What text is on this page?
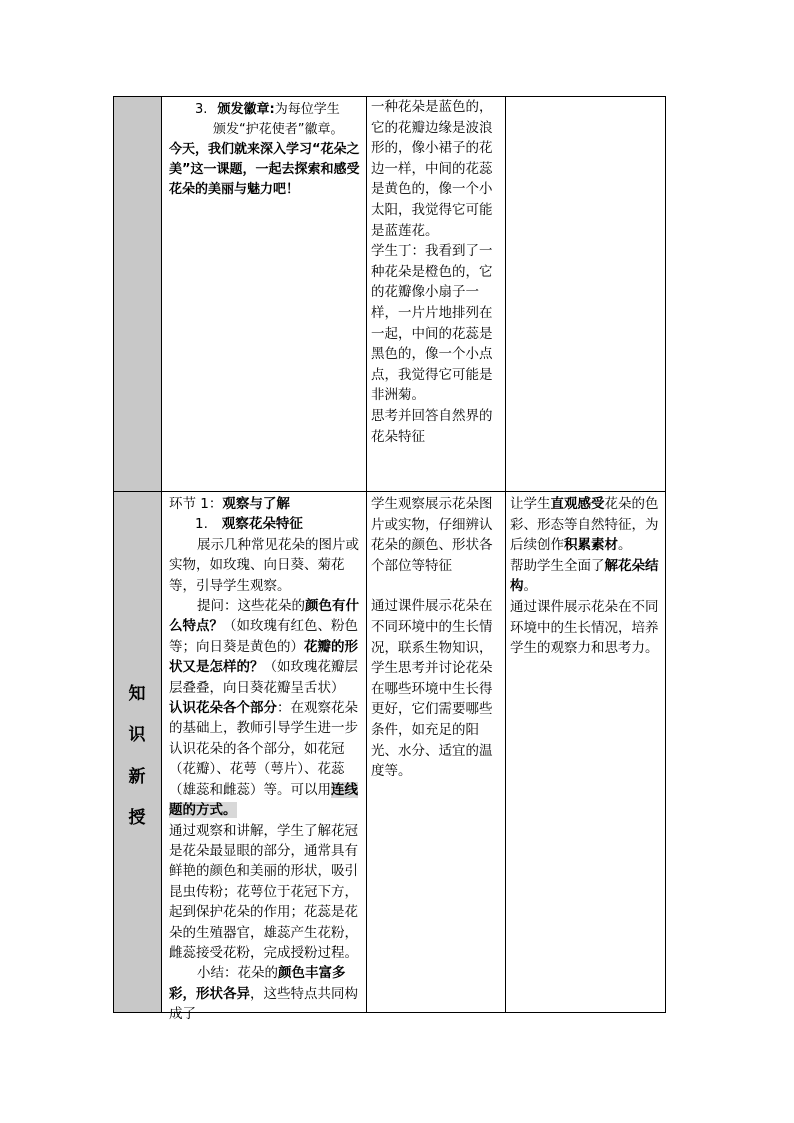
3. 颁发徽章:为每位学生

颁发“护花使者”徽章。

今天，我们就来深入学习“花朵之美”这一课题，一起去探索和感受花朵的美丽与魅力吧！

一种花朵是蓝色的，它的花瓣边缘是波浪形的，像小裙子的花边一样，中间的花蕊是黄色的，像一个小太阳，我觉得它可能是蓝莲花。

学生丁：我看到了一种花朵是橙色的，它的花瓣像小扇子一样，一片片地排列在一起，中间的花蕊是黑色的，像一个小点点，我觉得它可能是非洲菊。

思考并回答自然界的花朵特征

知
识
新
授

环节 1：观察与了解

1. 观察花朵特征

展示几种常见花朵的图片或实物，如玫瑰、向日葵、菊花等，引导学生观察。

提问：这些花朵的颜色有什么特点？（如玫瑰有红色、粉色等；向日葵是黄色的）花瓣的形状又是怎样的？（如玫瑰花瓣层层叠叠，向日葵花瓣呈舌状）

认识花朵各个部分：在观察花朵的基础上，教师引导学生进一步认识花朵的各个部分，如花冠（花瓣）、花萼（萼片）、花蕊（雄蕊和雌蕊）等。可以用连线题的方式。

通过观察和讲解，学生了解花冠是花朵最显眼的部分，通常具有鲜艳的颜色和美丽的形状，吸引昆虫传粉；花萼位于花冠下方，起到保护花朵的作用；花蕊是花朵的生殖器官，雄蕊产生花粉，雌蕊接受花粉，完成授粉过程。

小结：花朵的颜色丰富多彩，形状各异，这些特点共同构成了

学生观察展示花朵图片或实物，仔细辨认花朵的颜色、形状各个部位等特征

通过课件展示花朵在不同环境中的生长情况，联系生物知识，学生思考并讨论花朵在哪些环境中生长得更好，它们需要哪些条件，如充足的阳光、水分、适宜的温度等。

让学生直观感受花朵的色彩、形态等自然特征，为后续创作积累素材。

帮助学生全面了解花朵结构。

通过课件展示花朵在不同环境中的生长情况，培养学生的观察力和思考力。
